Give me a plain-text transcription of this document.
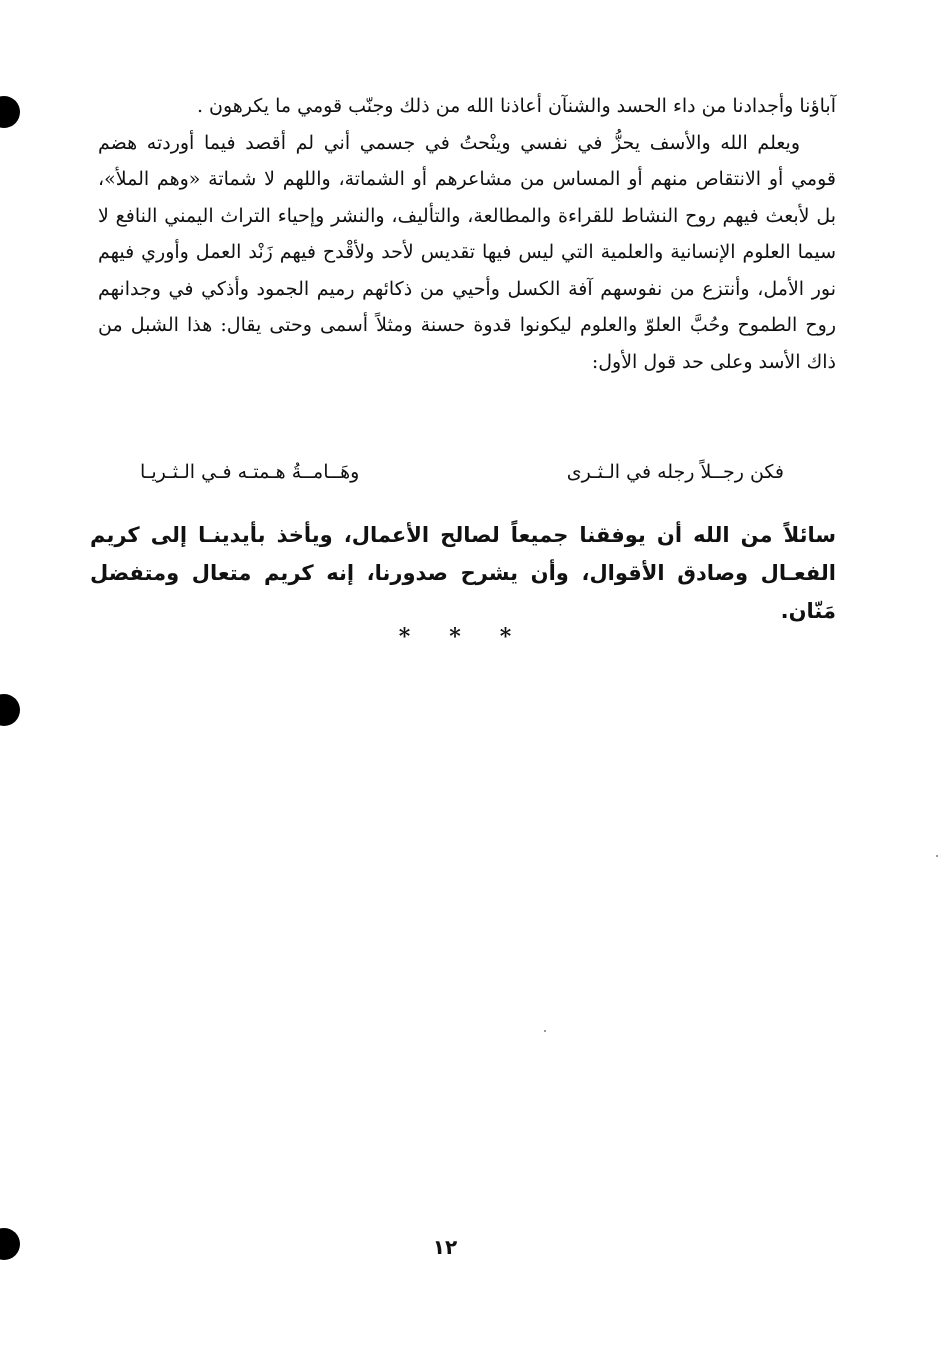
آباؤنا وأجدادنا من داء الحسد والشنآن أعاذنا الله من ذلك وجنّب قومي ما يكرهون .

ويعلم الله والأسف يحزُّ في نفسي وينْحتُ في جسمي أني لم أقصد فيما أوردته هضم قومي أو الانتقاص منهم أو المساس من مشاعرهم أو الشماتة، واللهم لا شماتة «وهم الملأ»، بل لأبعث فيهم روح النشاط للقراءة والمطالعة، والتأليف، والنشر وإحياء التراث اليمني النافع لا سيما العلوم الإنسانية والعلمية التي ليس فيها تقديس لأحد ولأقْدح فيهم زَنْد العمل وأوري فيهم نور الأمل، وأنتزع من نفوسهم آفة الكسل وأحيي من ذكائهم رميم الجمود وأذكي في وجدانهم روح الطموح وحُبَّ العلوّ والعلوم ليكونوا قدوة حسنة ومثلاً أسمى وحتى يقال: هذا الشبل من ذاك الأسد وعلى حد قول الأول:

فكن رجــلاً رجله في الـثـرى
وهَــامــةُ هـمتـه فـي الـثـريـا

سائلاً من الله أن يوفقنا جميعاً لصالح الأعمال، ويأخذ بأيدينـا إلى كريم الفعـال وصادق الأقوال، وأن يشرح صدورنا، إنه كريم متعال ومتفضل مَنّان.

* * *
١٢
